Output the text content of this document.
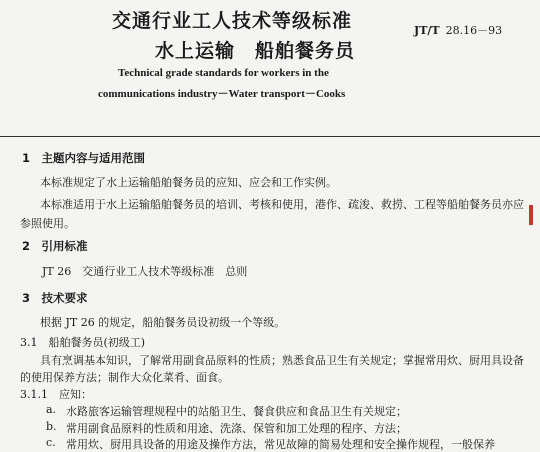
交通行业工人技术等级标准
水上运输　船舶餐务员
JT/T 28.16－93
Technical grade standards for workers in the
communications industry－Water transport－Cooks
1　主题内容与适用范围
本标准规定了水上运输船舶餐务员的应知、应会和工作实例。
本标准适用于水上运输船舶餐务员的培训、考核和使用，港作、疏浚、救捞、工程等船舶餐务员亦应
参照使用。
2　引用标准
JT 26　交通行业工人技术等级标准　总则
3　技术要求
根据 JT 26 的规定，船舶餐务员设初级一个等级。
3.1　船舶餐务员(初级工)
具有烹调基本知识，了解常用副食品原料的性质；熟悉食品卫生有关规定；掌握常用炊、厨用具设备
的使用保养方法；制作大众化菜肴、面食。
3.1.1　应知：
a. 水路旅客运输管理规程中的站船卫生、餐食供应和食品卫生有关规定；
b. 常用副食品原料的性质和用途、洗涤、保管和加工处理的程序、方法；
c. 常用炊、厨用具设备的用途及操作方法，常见故障的简易处理和安全操作规程，一般保养
